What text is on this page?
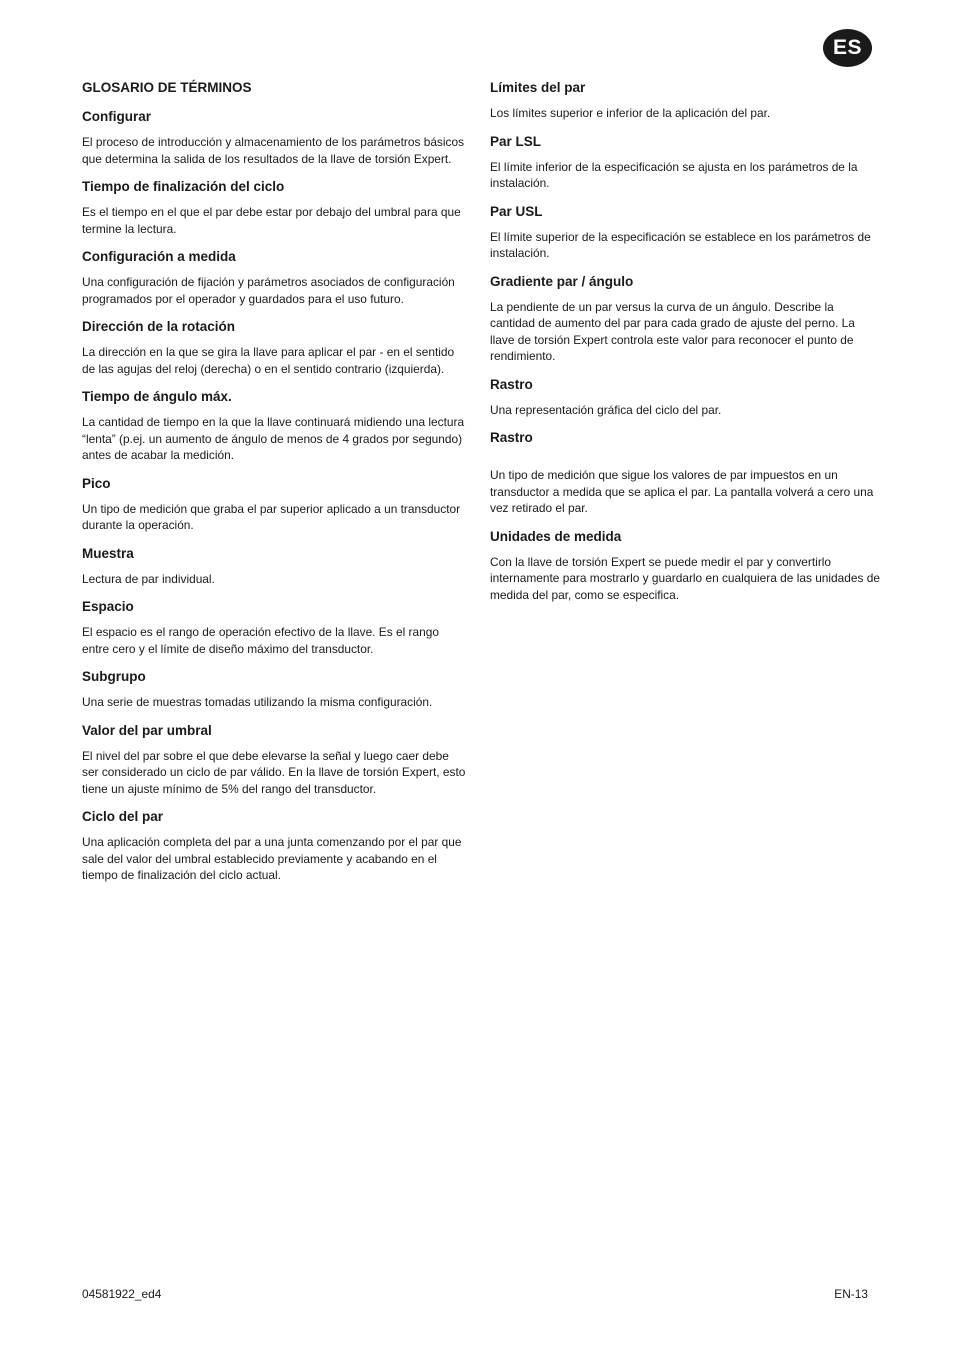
ES
GLOSARIO DE TÉRMINOS
Configurar
El proceso de introducción y almacenamiento de los parámetros básicos que determina la salida de los resultados de la llave de torsión Expert.
Tiempo de finalización del ciclo
Es el tiempo en el que el par debe estar por debajo del umbral para que termine la lectura.
Configuración a medida
Una configuración de fijación y parámetros asociados de configuración programados por el operador y guardados para el uso futuro.
Dirección de la rotación
La dirección en la que se gira la llave para aplicar el par - en el sentido de las agujas del reloj (derecha) o en el sentido contrario (izquierda).
Tiempo de ángulo máx.
La cantidad de tiempo en la que la llave continuará midiendo una lectura “lenta” (p.ej. un aumento de ángulo de menos de 4 grados por segundo) antes de acabar la medición.
Pico
Un tipo de medición que graba el par superior aplicado a un transductor durante la operación.
Muestra
Lectura de par individual.
Espacio
El espacio es el rango de operación efectivo de la llave. Es el rango entre cero y el límite de diseño máximo del transductor.
Subgrupo
Una serie de muestras tomadas utilizando la misma configuración.
Valor del par umbral
El nivel del par sobre el que debe elevarse la señal y luego caer debe ser considerado un ciclo de par válido. En la llave de torsión Expert, esto tiene un ajuste mínimo de 5% del rango del transductor.
Ciclo del par
Una aplicación completa del par a una junta comenzando por el par que sale del valor del umbral establecido previamente y acabando en el tiempo de finalización del ciclo actual.
Límites del par
Los límites superior e inferior de la aplicación del par.
Par LSL
El límite inferior de la especificación se ajusta en los parámetros de la instalación.
Par USL
El límite superior de la especificación se establece en los parámetros de instalación.
Gradiente par / ángulo
La pendiente de un par versus la curva de un ángulo. Describe la cantidad de aumento del par para cada grado de ajuste del perno. La llave de torsión Expert controla este valor para reconocer el punto de rendimiento.
Rastro
Una representación gráfica del ciclo del par.
Rastro
Un tipo de medición que sigue los valores de par impuestos en un transductor a medida que se aplica el par. La pantalla volverá a cero una vez retirado el par.
Unidades de medida
Con la llave de torsión Expert se puede medir el par y convertirlo internamente para mostrarlo y guardarlo en cualquiera de las unidades de medida del par, como se especifica.
04581922_ed4	EN-13
